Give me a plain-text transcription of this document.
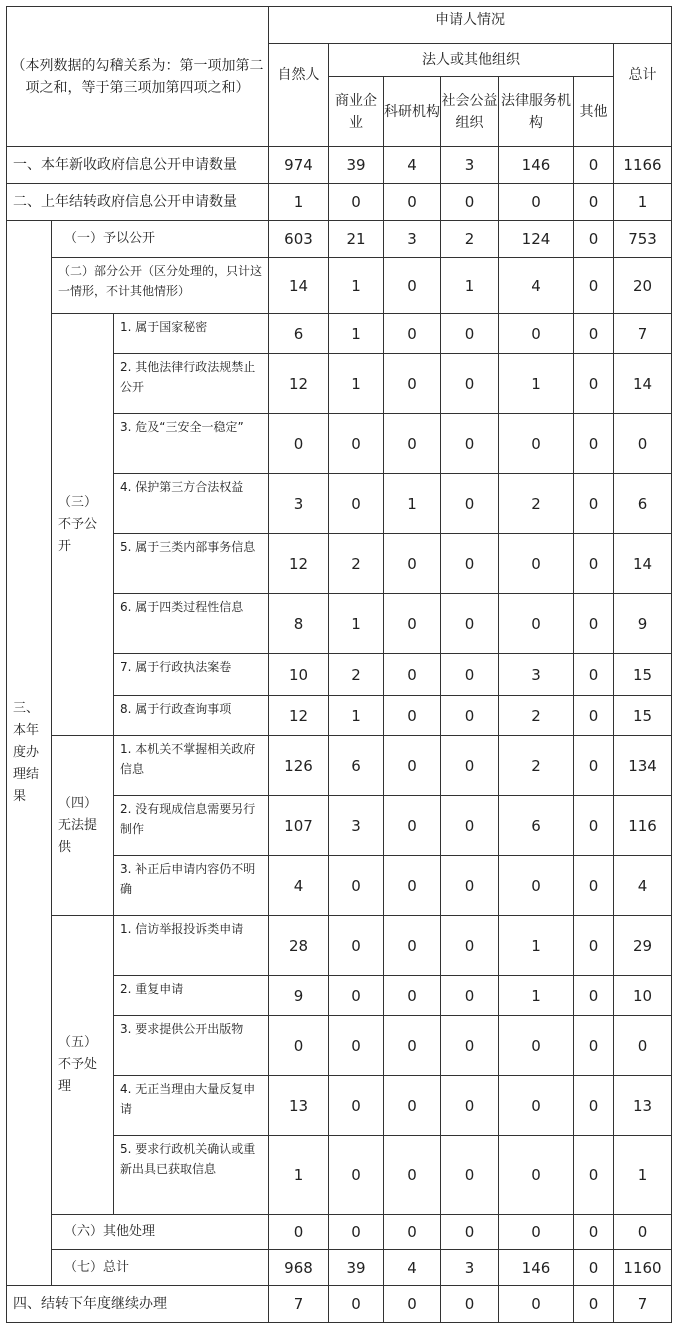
（本列数据的勾稽关系为：第一项加第二项之和，等于第三项加第四项之和）			申请人情况						
			自然人	法人或其他组织					总计
				商业企业	科研机构	社会公益组织	法律服务机构	其他	
一、本年新收政府信息公开申请数量			974	39	4	3	146	0	1166
二、上年结转政府信息公开申请数量			1	0	0	0	0	0	1
三、本年度办理结果	（一）予以公开		603	21	3	2	124	0	753
	（二）部分公开（区分处理的，只计这一情形，不计其他情形）		14	1	0	1	4	0	20
	（三）不予公开	1. 属于国家秘密	6	1	0	0	0	0	7
		2. 其他法律行政法规禁止公开	12	1	0	0	1	0	14
		3. 危及“三安全一稳定”	0	0	0	0	0	0	0
		4. 保护第三方合法权益	3	0	1	0	2	0	6
		5. 属于三类内部事务信息	12	2	0	0	0	0	14
		6. 属于四类过程性信息	8	1	0	0	0	0	9
		7. 属于行政执法案卷	10	2	0	0	3	0	15
		8. 属于行政查询事项	12	1	0	0	2	0	15
	（四）无法提供	1. 本机关不掌握相关政府信息	126	6	0	0	2	0	134
		2. 没有现成信息需要另行制作	107	3	0	0	6	0	116
		3. 补正后申请内容仍不明确	4	0	0	0	0	0	4
	（五）不予处理	1. 信访举报投诉类申请	28	0	0	0	1	0	29
		2. 重复申请	9	0	0	0	1	0	10
		3. 要求提供公开出版物	0	0	0	0	0	0	0
		4. 无正当理由大量反复申请	13	0	0	0	0	0	13
		5. 要求行政机关确认或重新出具已获取信息	1	0	0	0	0	0	1
	（六）其他处理		0	0	0	0	0	0	0
	（七）总计		968	39	4	3	146	0	1160
四、结转下年度继续办理			7	0	0	0	0	0	7
